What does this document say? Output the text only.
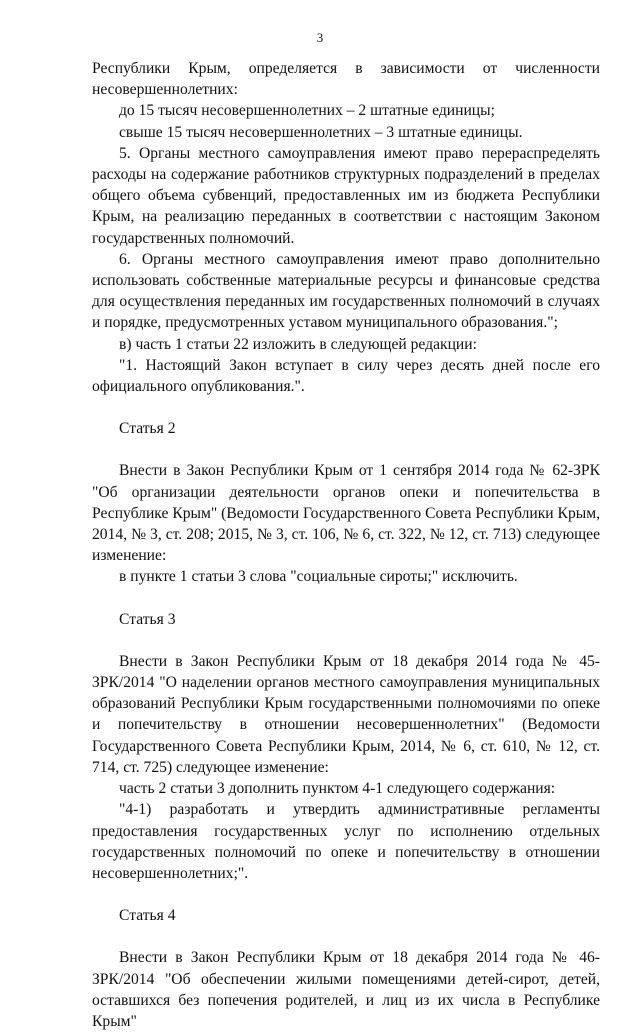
3

Республики Крым, определяется в зависимости от численности несовершеннолетних:

до 15 тысяч несовершеннолетних – 2 штатные единицы;

свыше 15 тысяч несовершеннолетних – 3 штатные единицы.

5. Органы местного самоуправления имеют право перераспределять расходы на содержание работников структурных подразделений в пределах общего объема субвенций, предоставленных им из бюджета Республики Крым, на реализацию переданных в соответствии с настоящим Законом государственных полномочий.

6. Органы местного самоуправления имеют право дополнительно использовать собственные материальные ресурсы и финансовые средства для осуществления переданных им государственных полномочий в случаях и порядке, предусмотренных уставом муниципального образования.";

в) часть 1 статьи 22 изложить в следующей редакции:

"1. Настоящий Закон вступает в силу через десять дней после его официального опубликования.".

Статья 2

Внести в Закон Республики Крым от 1 сентября 2014 года № 62-ЗРК "Об организации деятельности органов опеки и попечительства в Республике Крым" (Ведомости Государственного Совета Республики Крым, 2014, № 3, ст. 208; 2015, № 3, ст. 106, № 6, ст. 322, № 12, ст. 713) следующее изменение:

в пункте 1 статьи 3 слова "социальные сироты;" исключить.

Статья 3

Внести в Закон Республики Крым от 18 декабря 2014 года № 45-ЗРК/2014 "О наделении органов местного самоуправления муниципальных образований Республики Крым государственными полномочиями по опеке и попечительству в отношении несовершеннолетних" (Ведомости Государственного Совета Республики Крым, 2014, № 6, ст. 610, № 12, ст. 714, ст. 725) следующее изменение:

часть 2 статьи 3 дополнить пунктом 4-1 следующего содержания:

"4-1) разработать и утвердить административные регламенты предоставления государственных услуг по исполнению отдельных государственных полномочий по опеке и попечительству в отношении несовершеннолетних;".

Статья 4

Внести в Закон Республики Крым от 18 декабря 2014 года № 46-ЗРК/2014 "Об обеспечении жилыми помещениями детей-сирот, детей, оставшихся без попечения родителей, и лиц из их числа в Республике Крым"
